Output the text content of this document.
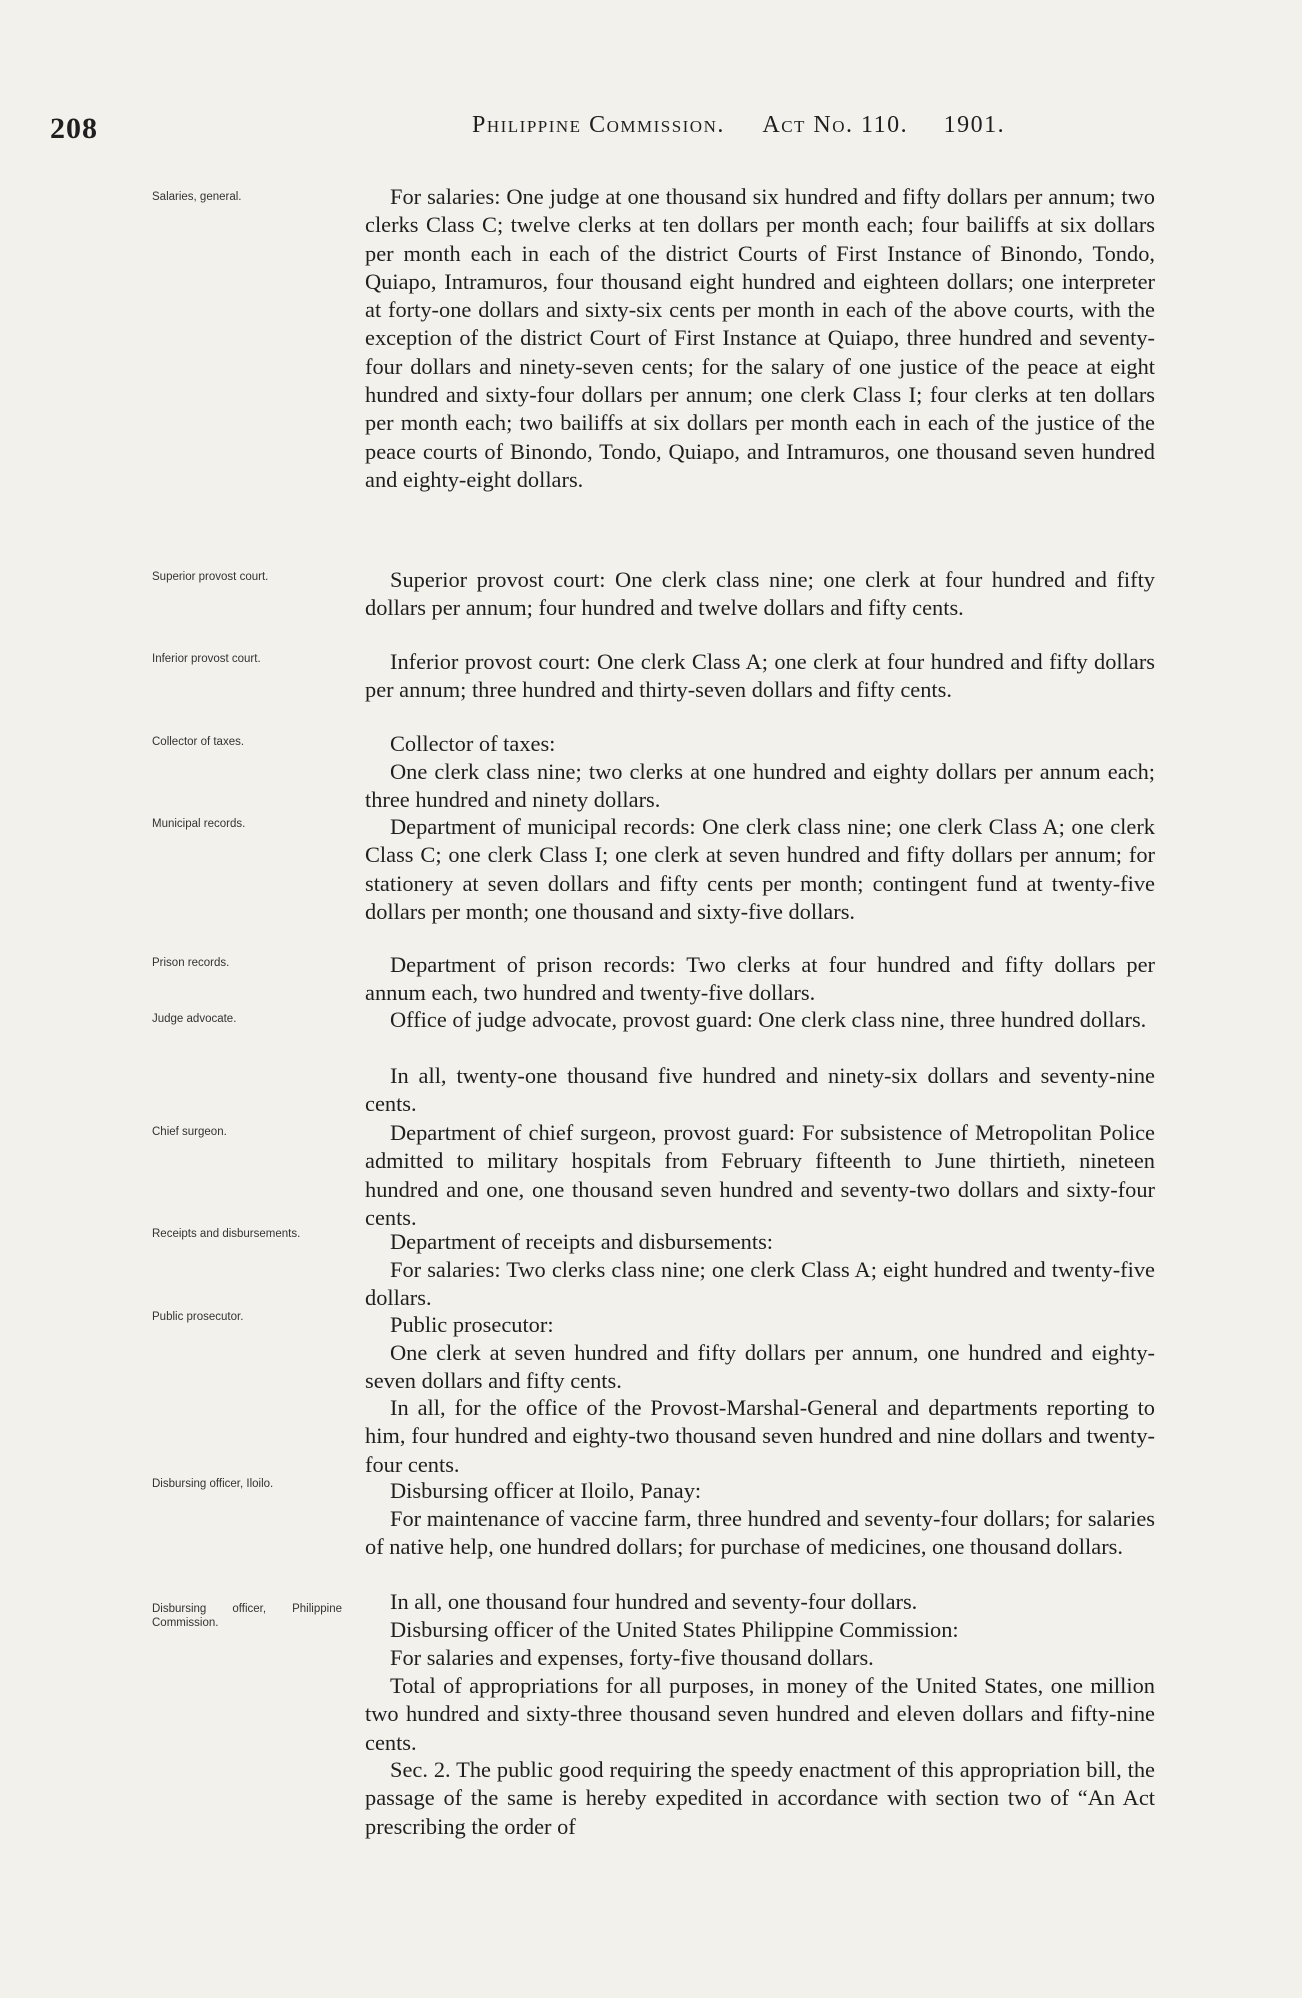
208	Philippine Commission. Act No. 110. 1901.

Salaries, general.

Superior provost court.

Inferior provost court.

Collector of taxes.

Municipal records.

Prison records.

Judge advocate.

Chief surgeon.

Receipts and disbursements.

Public prosecutor.

Disbursing officer, Iloilo.

Disbursing officer, Philippine Commission.

For salaries: One judge at one thousand six hundred and fifty dollars per annum; two clerks Class C; twelve clerks at ten dollars per month each; four bailiffs at six dollars per month each in each of the district Courts of First Instance of Binondo, Tondo, Quiapo, Intramuros, four thousand eight hundred and eighteen dollars; one interpreter at forty-one dollars and sixty-six cents per month in each of the above courts, with the exception of the district Court of First Instance at Quiapo, three hundred and seventy-four dollars and ninety-seven cents; for the salary of one justice of the peace at eight hundred and sixty-four dollars per annum; one clerk Class I; four clerks at ten dollars per month each; two bailiffs at six dollars per month each in each of the justice of the peace courts of Binondo, Tondo, Quiapo, and Intramuros, one thousand seven hundred and eighty-eight dollars.

Superior provost court: One clerk class nine; one clerk at four hundred and fifty dollars per annum; four hundred and twelve dollars and fifty cents.

Inferior provost court: One clerk Class A; one clerk at four hundred and fifty dollars per annum; three hundred and thirty-seven dollars and fifty cents.

Collector of taxes:

One clerk class nine; two clerks at one hundred and eighty dollars per annum each; three hundred and ninety dollars.

Department of municipal records: One clerk class nine; one clerk Class A; one clerk Class C; one clerk Class I; one clerk at seven hundred and fifty dollars per annum; for stationery at seven dollars and fifty cents per month; contingent fund at twenty-five dollars per month; one thousand and sixty-five dollars.

Department of prison records: Two clerks at four hundred and fifty dollars per annum each, two hundred and twenty-five dollars.

Office of judge advocate, provost guard: One clerk class nine, three hundred dollars.

In all, twenty-one thousand five hundred and ninety-six dollars and seventy-nine cents.

Department of chief surgeon, provost guard: For subsistence of Metropolitan Police admitted to military hospitals from February fifteenth to June thirtieth, nineteen hundred and one, one thousand seven hundred and seventy-two dollars and sixty-four cents.

Department of receipts and disbursements:

For salaries: Two clerks class nine; one clerk Class A; eight hundred and twenty-five dollars.

Public prosecutor:

One clerk at seven hundred and fifty dollars per annum, one hundred and eighty-seven dollars and fifty cents.

In all, for the office of the Provost-Marshal-General and departments reporting to him, four hundred and eighty-two thousand seven hundred and nine dollars and twenty-four cents.

Disbursing officer at Iloilo, Panay:

For maintenance of vaccine farm, three hundred and seventy-four dollars; for salaries of native help, one hundred dollars; for purchase of medicines, one thousand dollars.

In all, one thousand four hundred and seventy-four dollars.

Disbursing officer of the United States Philippine Commission:

For salaries and expenses, forty-five thousand dollars.

Total of appropriations for all purposes, in money of the United States, one million two hundred and sixty-three thousand seven hundred and eleven dollars and fifty-nine cents.

Sec. 2. The public good requiring the speedy enactment of this appropriation bill, the passage of the same is hereby expedited in accordance with section two of “An Act prescribing the order of
